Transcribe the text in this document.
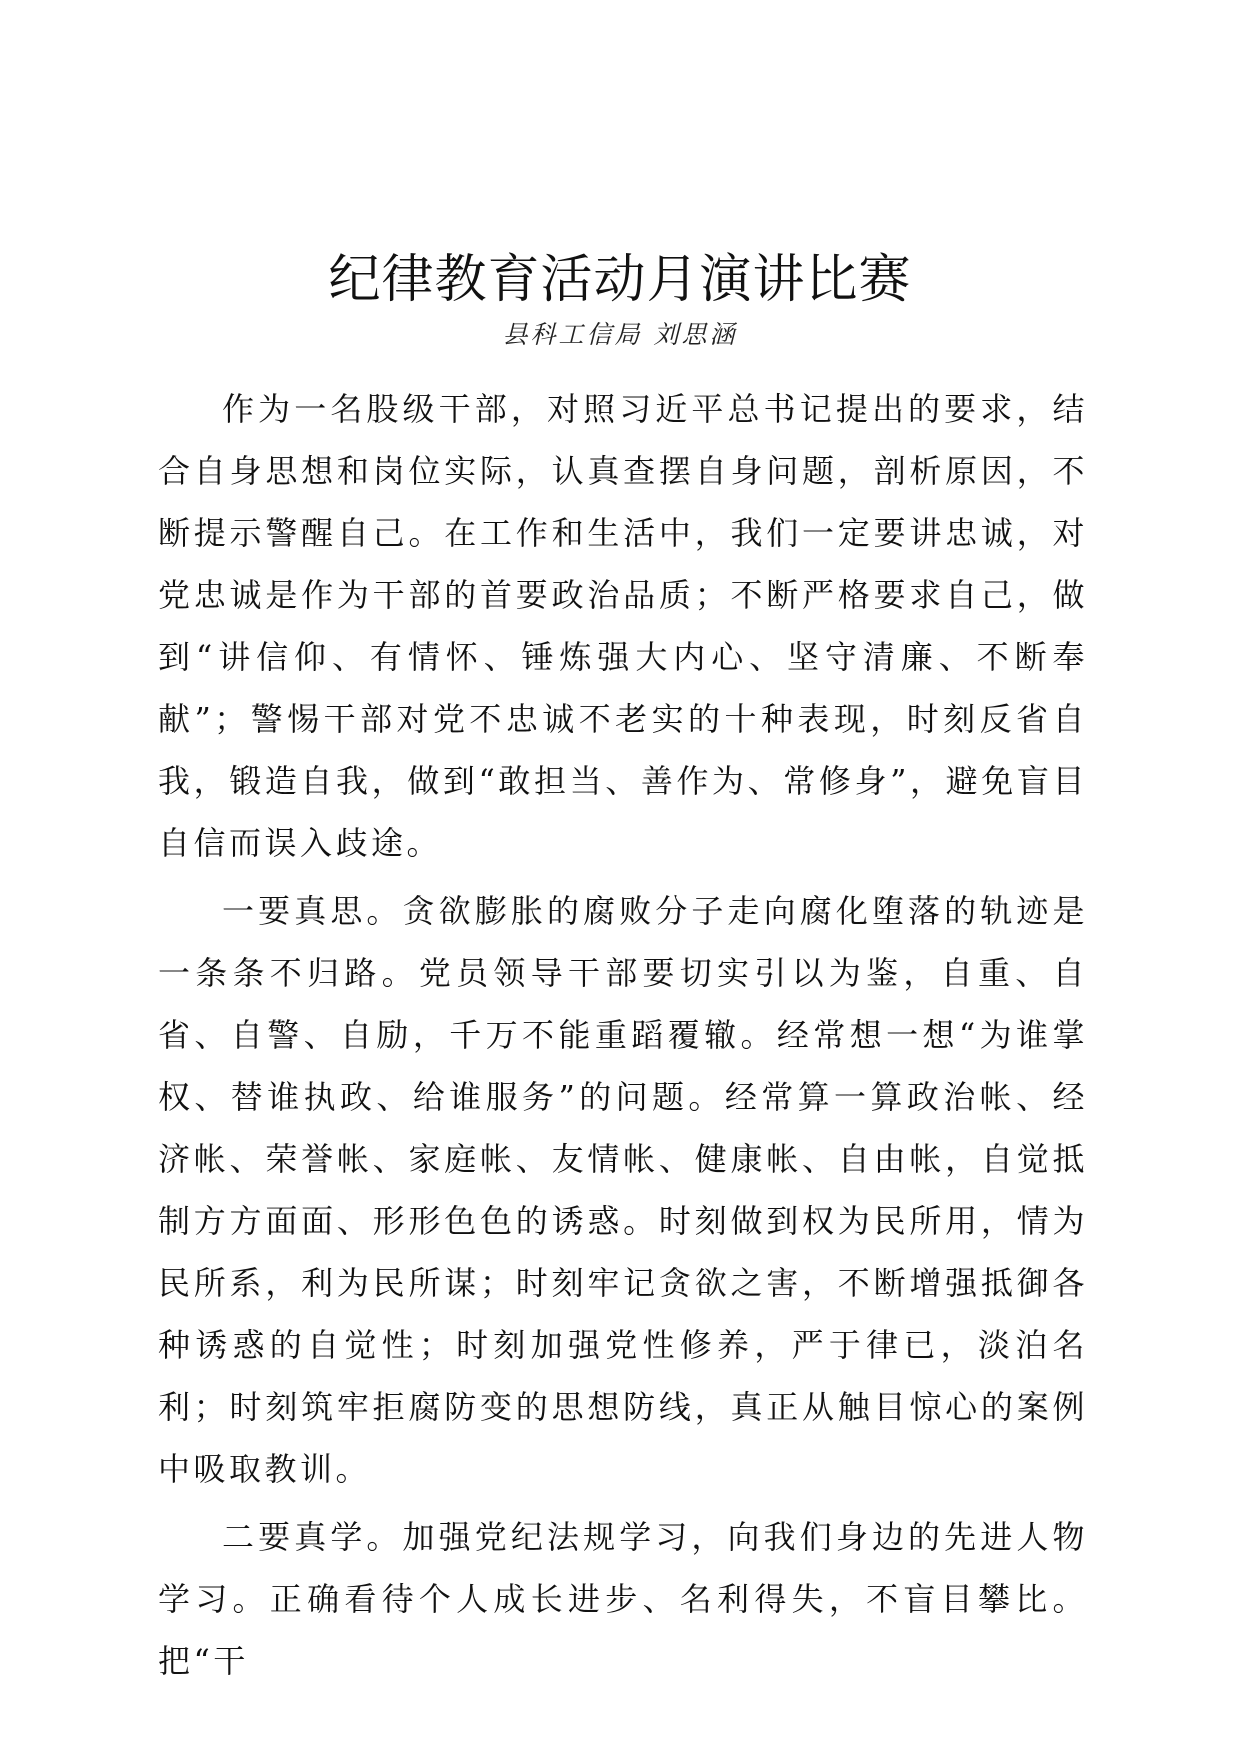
纪律教育活动月演讲比赛
县科工信局 刘思涵

作为一名股级干部，对照习近平总书记提出的要求，结合自身思想和岗位实际，认真查摆自身问题，剖析原因，不断提示警醒自己。在工作和生活中，我们一定要讲忠诚，对党忠诚是作为干部的首要政治品质；不断严格要求自己，做到“讲信仰、有情怀、锤炼强大内心、坚守清廉、不断奉献”；警惕干部对党不忠诚不老实的十种表现，时刻反省自我，锻造自我，做到“敢担当、善作为、常修身”，避免盲目自信而误入歧途。

一要真思。贪欲膨胀的腐败分子走向腐化堕落的轨迹是一条条不归路。党员领导干部要切实引以为鉴，自重、自省、自警、自励，千万不能重蹈覆辙。经常想一想“为谁掌权、替谁执政、给谁服务”的问题。经常算一算政治帐、经济帐、荣誉帐、家庭帐、友情帐、健康帐、自由帐，自觉抵制方方面面、形形色色的诱惑。时刻做到权为民所用，情为民所系，利为民所谋；时刻牢记贪欲之害，不断增强抵御各种诱惑的自觉性；时刻加强党性修养，严于律已，淡泊名利；时刻筑牢拒腐防变的思想防线，真正从触目惊心的案例中吸取教训。

二要真学。加强党纪法规学习，向我们身边的先进人物学习。正确看待个人成长进步、名利得失，不盲目攀比。把“干
